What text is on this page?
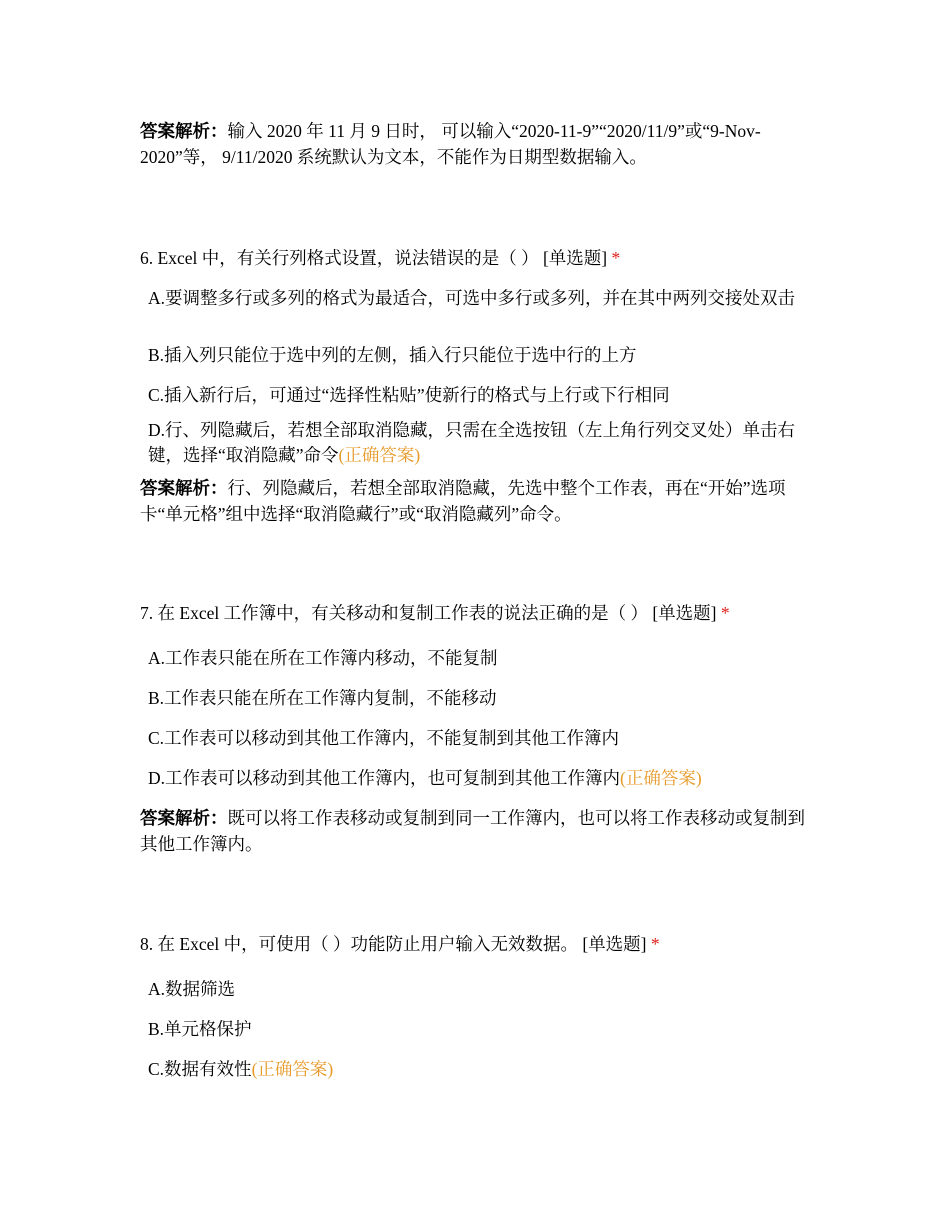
答案解析：输入 2020 年 11 月 9 日时， 可以输入“2020-11-9”“2020/11/9”或“9-Nov-2020”等， 9/11/2020 系统默认为文本，不能作为日期型数据输入。
6. Excel 中，有关行列格式设置，说法错误的是（ ） [单选题] *
A.要调整多行或多列的格式为最适合，可选中多行或多列，并在其中两列交接处双击
B.插入列只能位于选中列的左侧，插入行只能位于选中行的上方
C.插入新行后，可通过“选择性粘贴”使新行的格式与上行或下行相同
D.行、列隐藏后，若想全部取消隐藏，只需在全选按钮（左上角行列交叉处）单击右键，选择“取消隐藏”命令(正确答案)
答案解析：行、列隐藏后，若想全部取消隐藏，先选中整个工作表，再在“开始”选项卡“单元格”组中选择“取消隐藏行”或“取消隐藏列”命令。
7. 在 Excel 工作簿中，有关移动和复制工作表的说法正确的是（ ） [单选题] *
A.工作表只能在所在工作簿内移动，不能复制
B.工作表只能在所在工作簿内复制，不能移动
C.工作表可以移动到其他工作簿内，不能复制到其他工作簿内
D.工作表可以移动到其他工作簿内，也可复制到其他工作簿内(正确答案)
答案解析：既可以将工作表移动或复制到同一工作簿内，也可以将工作表移动或复制到其他工作簿内。
8. 在 Excel 中，可使用（ ）功能防止用户输入无效数据。 [单选题] *
A.数据筛选
B.单元格保护
C.数据有效性(正确答案)
